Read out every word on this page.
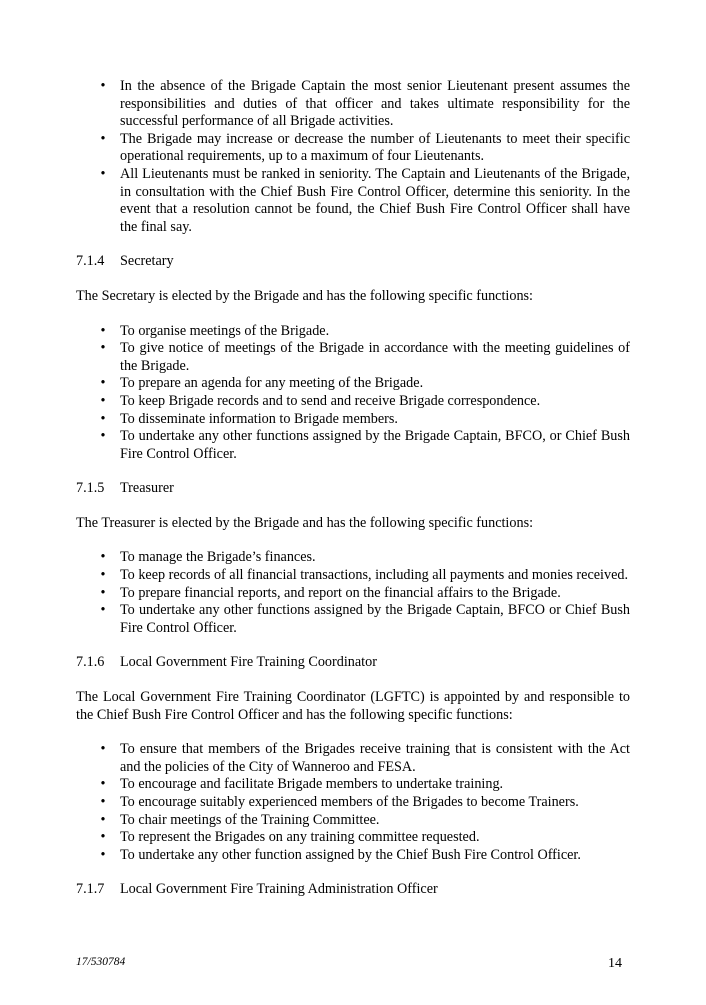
• In the absence of the Brigade Captain the most senior Lieutenant present assumes the responsibilities and duties of that officer and takes ultimate responsibility for the successful performance of all Brigade activities.
• The Brigade may increase or decrease the number of Lieutenants to meet their specific operational requirements, up to a maximum of four Lieutenants.
• All Lieutenants must be ranked in seniority. The Captain and Lieutenants of the Brigade, in consultation with the Chief Bush Fire Control Officer, determine this seniority. In the event that a resolution cannot be found, the Chief Bush Fire Control Officer shall have the final say.
7.1.4 Secretary

The Secretary is elected by the Brigade and has the following specific functions:

• To organise meetings of the Brigade.
• To give notice of meetings of the Brigade in accordance with the meeting guidelines of the Brigade.
• To prepare an agenda for any meeting of the Brigade.
• To keep Brigade records and to send and receive Brigade correspondence.
• To disseminate information to Brigade members.
• To undertake any other functions assigned by the Brigade Captain, BFCO, or Chief Bush Fire Control Officer.
7.1.5 Treasurer

The Treasurer is elected by the Brigade and has the following specific functions:

• To manage the Brigade’s finances.
• To keep records of all financial transactions, including all payments and monies received.
• To prepare financial reports, and report on the financial affairs to the Brigade.
• To undertake any other functions assigned by the Brigade Captain, BFCO or Chief Bush Fire Control Officer.
7.1.6 Local Government Fire Training Coordinator

The Local Government Fire Training Coordinator (LGFTC) is appointed by and responsible to the Chief Bush Fire Control Officer and has the following specific functions:

• To ensure that members of the Brigades receive training that is consistent with the Act and the policies of the City of Wanneroo and FESA.
• To encourage and facilitate Brigade members to undertake training.
• To encourage suitably experienced members of the Brigades to become Trainers.
• To chair meetings of the Training Committee.
• To represent the Brigades on any training committee requested.
• To undertake any other function assigned by the Chief Bush Fire Control Officer.
7.1.7 Local Government Fire Training Administration Officer
17/530784	14
